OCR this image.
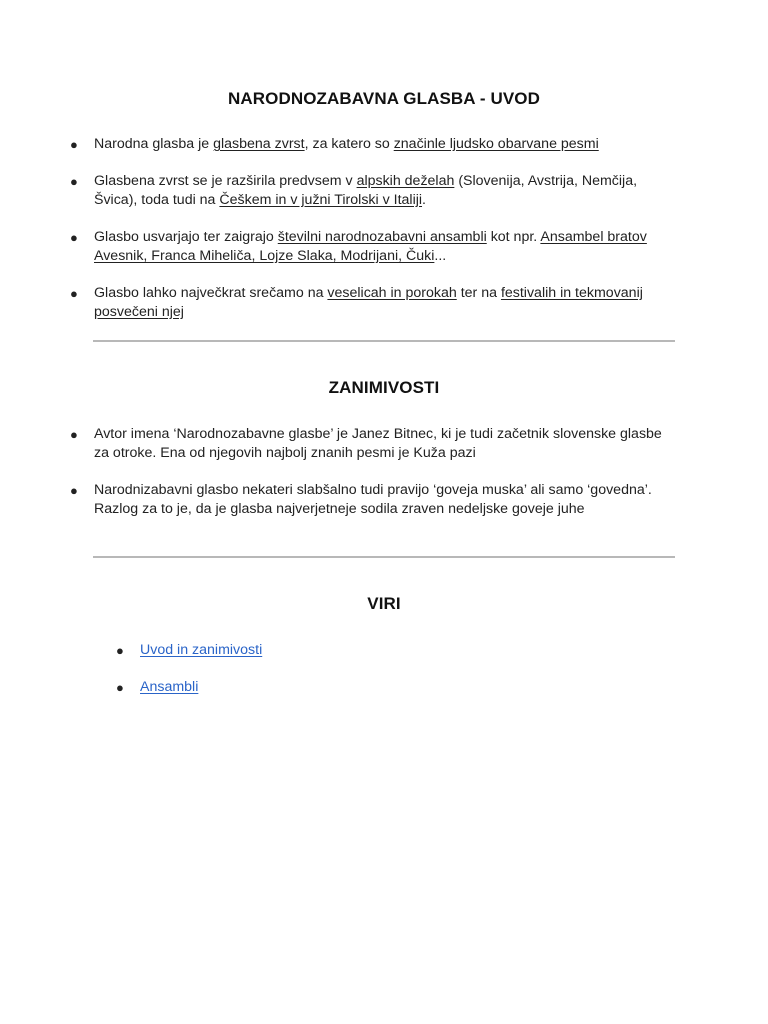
NARODNOZABAVNA GLASBA - UVOD
● Narodna glasba je glasbena zvrst, za katero so značinle ljudsko obarvane pesmi
● Glasbena zvrst se je razširila predvsem v alpskih deželah (Slovenija, Avstrija, Nemčija, Švica), toda tudi na Češkem in v južni Tirolski v Italiji.
● Glasbo usvarjajo ter zaigrajo številni narodnozabavni ansambli kot npr. Ansambel bratov Avesnik, Franca Miheliča, Lojze Slaka, Modrijani, Čuki...
● Glasbo lahko največkrat srečamo na veselicah in porokah ter na festivalih in tekmovanij posvečeni njej
ZANIMIVOSTI
● Avtor imena ‘Narodnozabavne glasbe’ je Janez Bitnec, ki je tudi začetnik slovenske glasbe za otroke. Ena od njegovih najbolj znanih pesmi je Kuža pazi
● Narodnizabavni glasbo nekateri slabšalno tudi pravijo ‘goveja muska’ ali samo ‘govedna’. Razlog za to je, da je glasba najverjetneje sodila zraven nedeljske goveje juhe
VIRI
● Uvod in zanimivosti
● Ansambli
